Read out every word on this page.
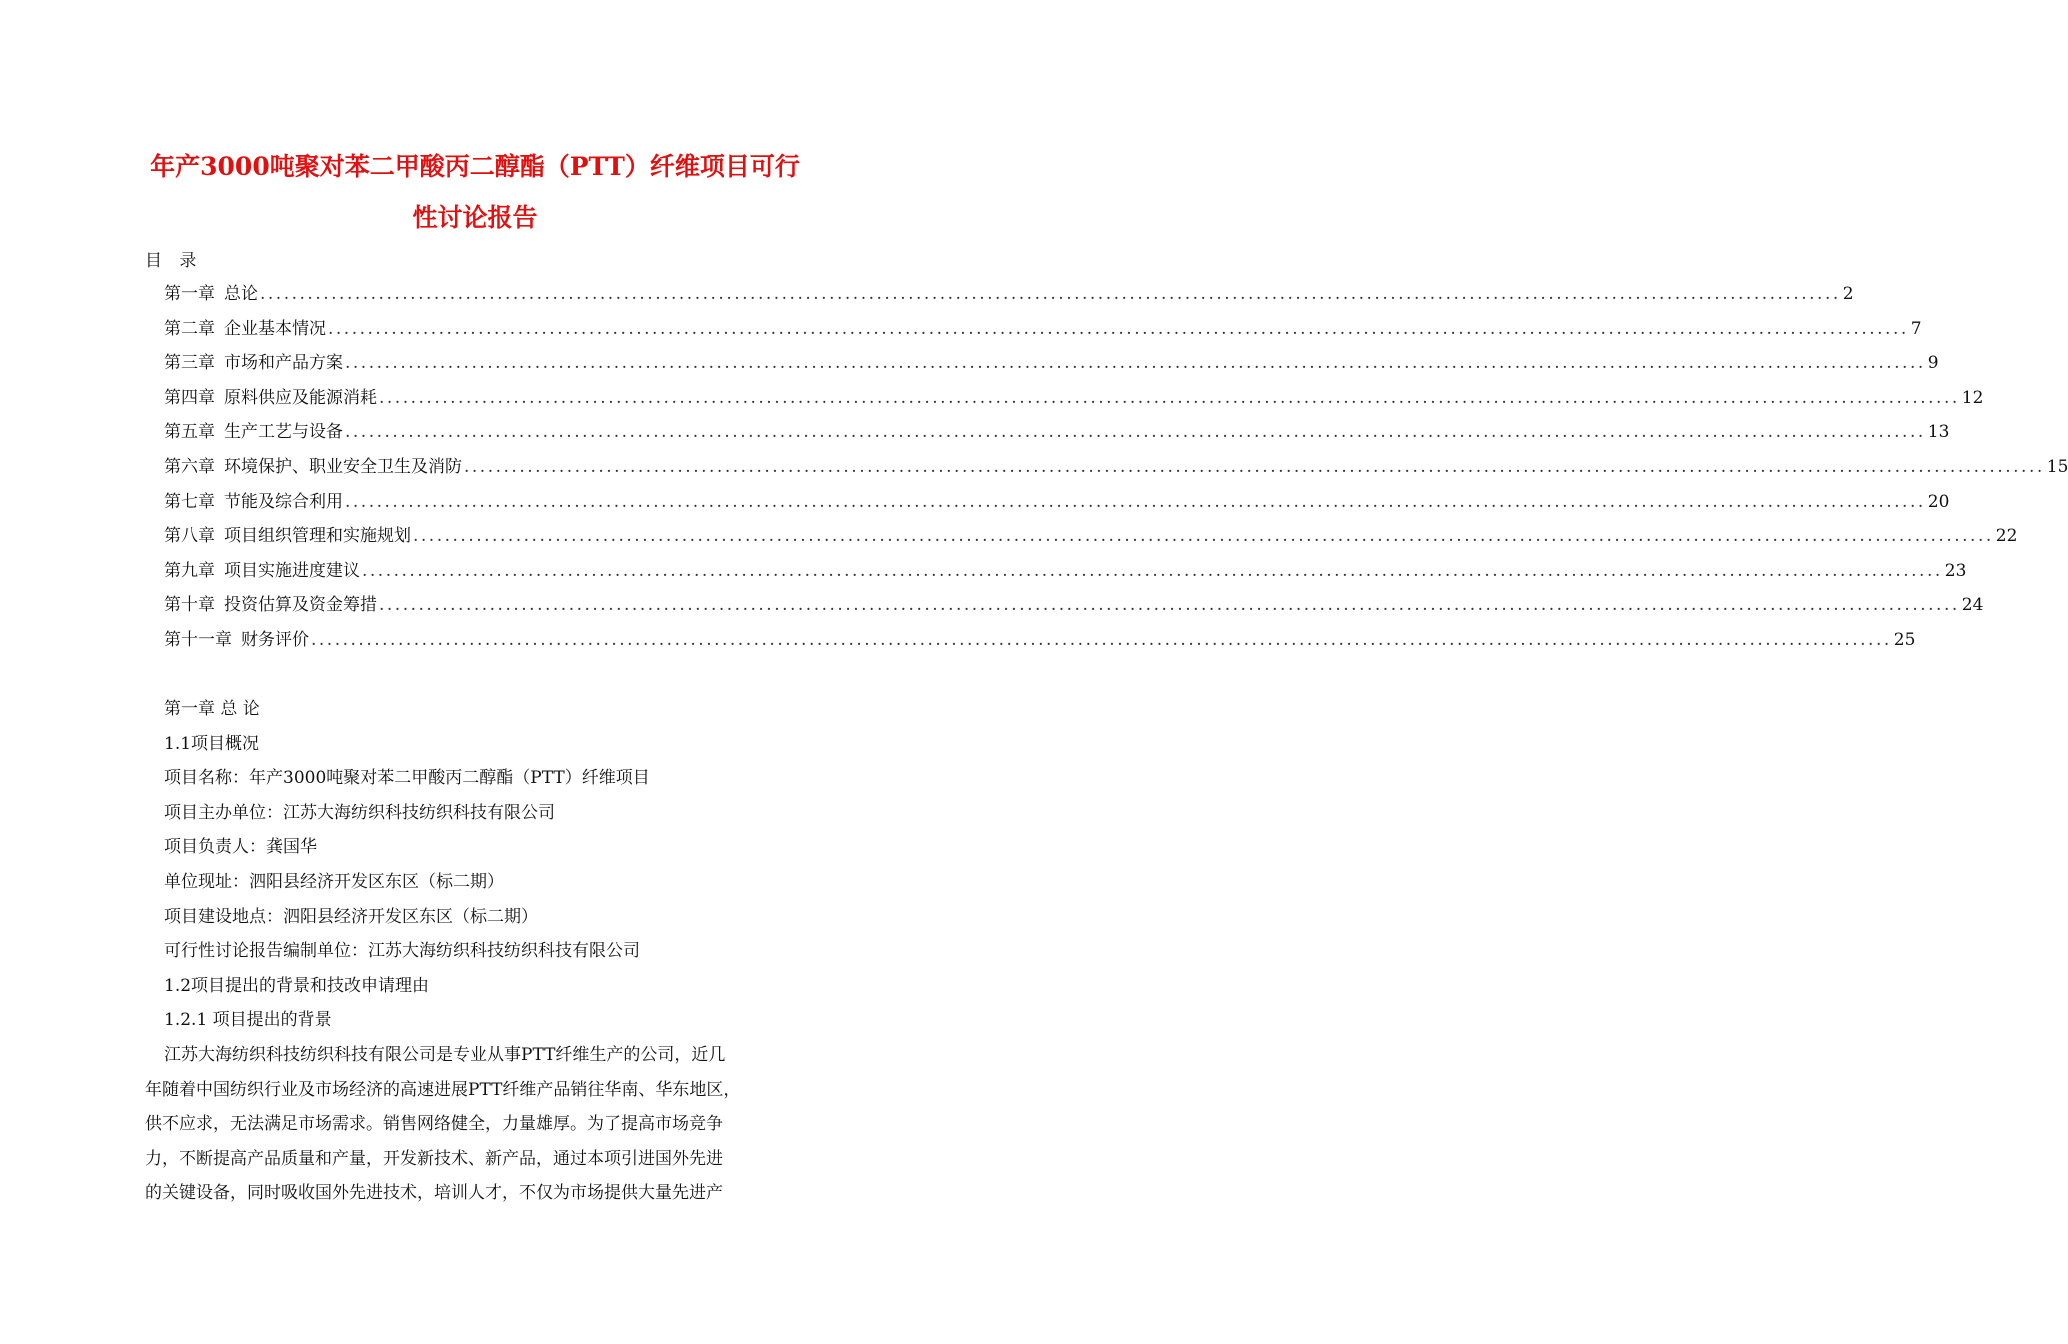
年产3000吨聚对苯二甲酸丙二醇酯（PTT）纤维项目可行
性讨论报告
目 录
第一章 总论 ........................................................................................................................................................................................................ 2
第二章 企业基本情况 ........................................................................................................................................................................................................ 7
第三章 市场和产品方案 ........................................................................................................................................................................................................ 9
第四章 原料供应及能源消耗 ........................................................................................................................................................................................................ 12
第五章 生产工艺与设备 ........................................................................................................................................................................................................ 13
第六章 环境保护、职业安全卫生及消防 ........................................................................................................................................................................................................ 15
第七章 节能及综合利用 ........................................................................................................................................................................................................ 20
第八章 项目组织管理和实施规划 ........................................................................................................................................................................................................ 22
第九章 项目实施进度建议 ........................................................................................................................................................................................................ 23
第十章 投资估算及资金筹措 ........................................................................................................................................................................................................ 24
第十一章 财务评价 ........................................................................................................................................................................................................ 25
第一章 总 论
1.1项目概况
项目名称：年产3000吨聚对苯二甲酸丙二醇酯（PTT）纤维项目
项目主办单位：江苏大海纺织科技纺织科技有限公司
项目负责人：龚国华
单位现址：泗阳县经济开发区东区（标二期）
项目建设地点：泗阳县经济开发区东区（标二期）
可行性讨论报告编制单位：江苏大海纺织科技纺织科技有限公司
1.2项目提出的背景和技改申请理由
1.2.1 项目提出的背景
江苏大海纺织科技纺织科技有限公司是专业从事PTT纤维生产的公司，近几
年随着中国纺织行业及市场经济的高速进展PTT纤维产品销往华南、华东地区，
供不应求，无法满足市场需求。销售网络健全，力量雄厚。为了提高市场竞争
力，不断提高产品质量和产量，开发新技术、新产品，通过本项引进国外先进
的关键设备，同时吸收国外先进技术，培训人才，不仅为市场提供大量先进产
